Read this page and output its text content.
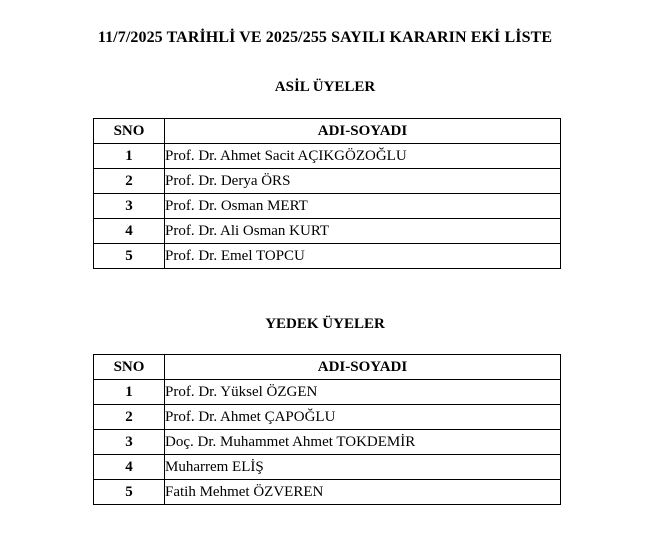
11/7/2025 TARİHLİ VE 2025/255 SAYILI KARARIN EKİ LİSTE
ASİL ÜYELER
SNO	ADI-SOYADI
1	Prof. Dr. Ahmet Sacit AÇIKGÖZOĞLU
2	Prof. Dr. Derya ÖRS
3	Prof. Dr. Osman MERT
4	Prof. Dr. Ali Osman KURT
5	Prof. Dr. Emel TOPCU
YEDEK ÜYELER
SNO	ADI-SOYADI
1	Prof. Dr. Yüksel ÖZGEN
2	Prof. Dr. Ahmet ÇAPOĞLU
3	Doç. Dr. Muhammet Ahmet TOKDEMİR
4	Muharrem ELİŞ
5	Fatih Mehmet ÖZVEREN
